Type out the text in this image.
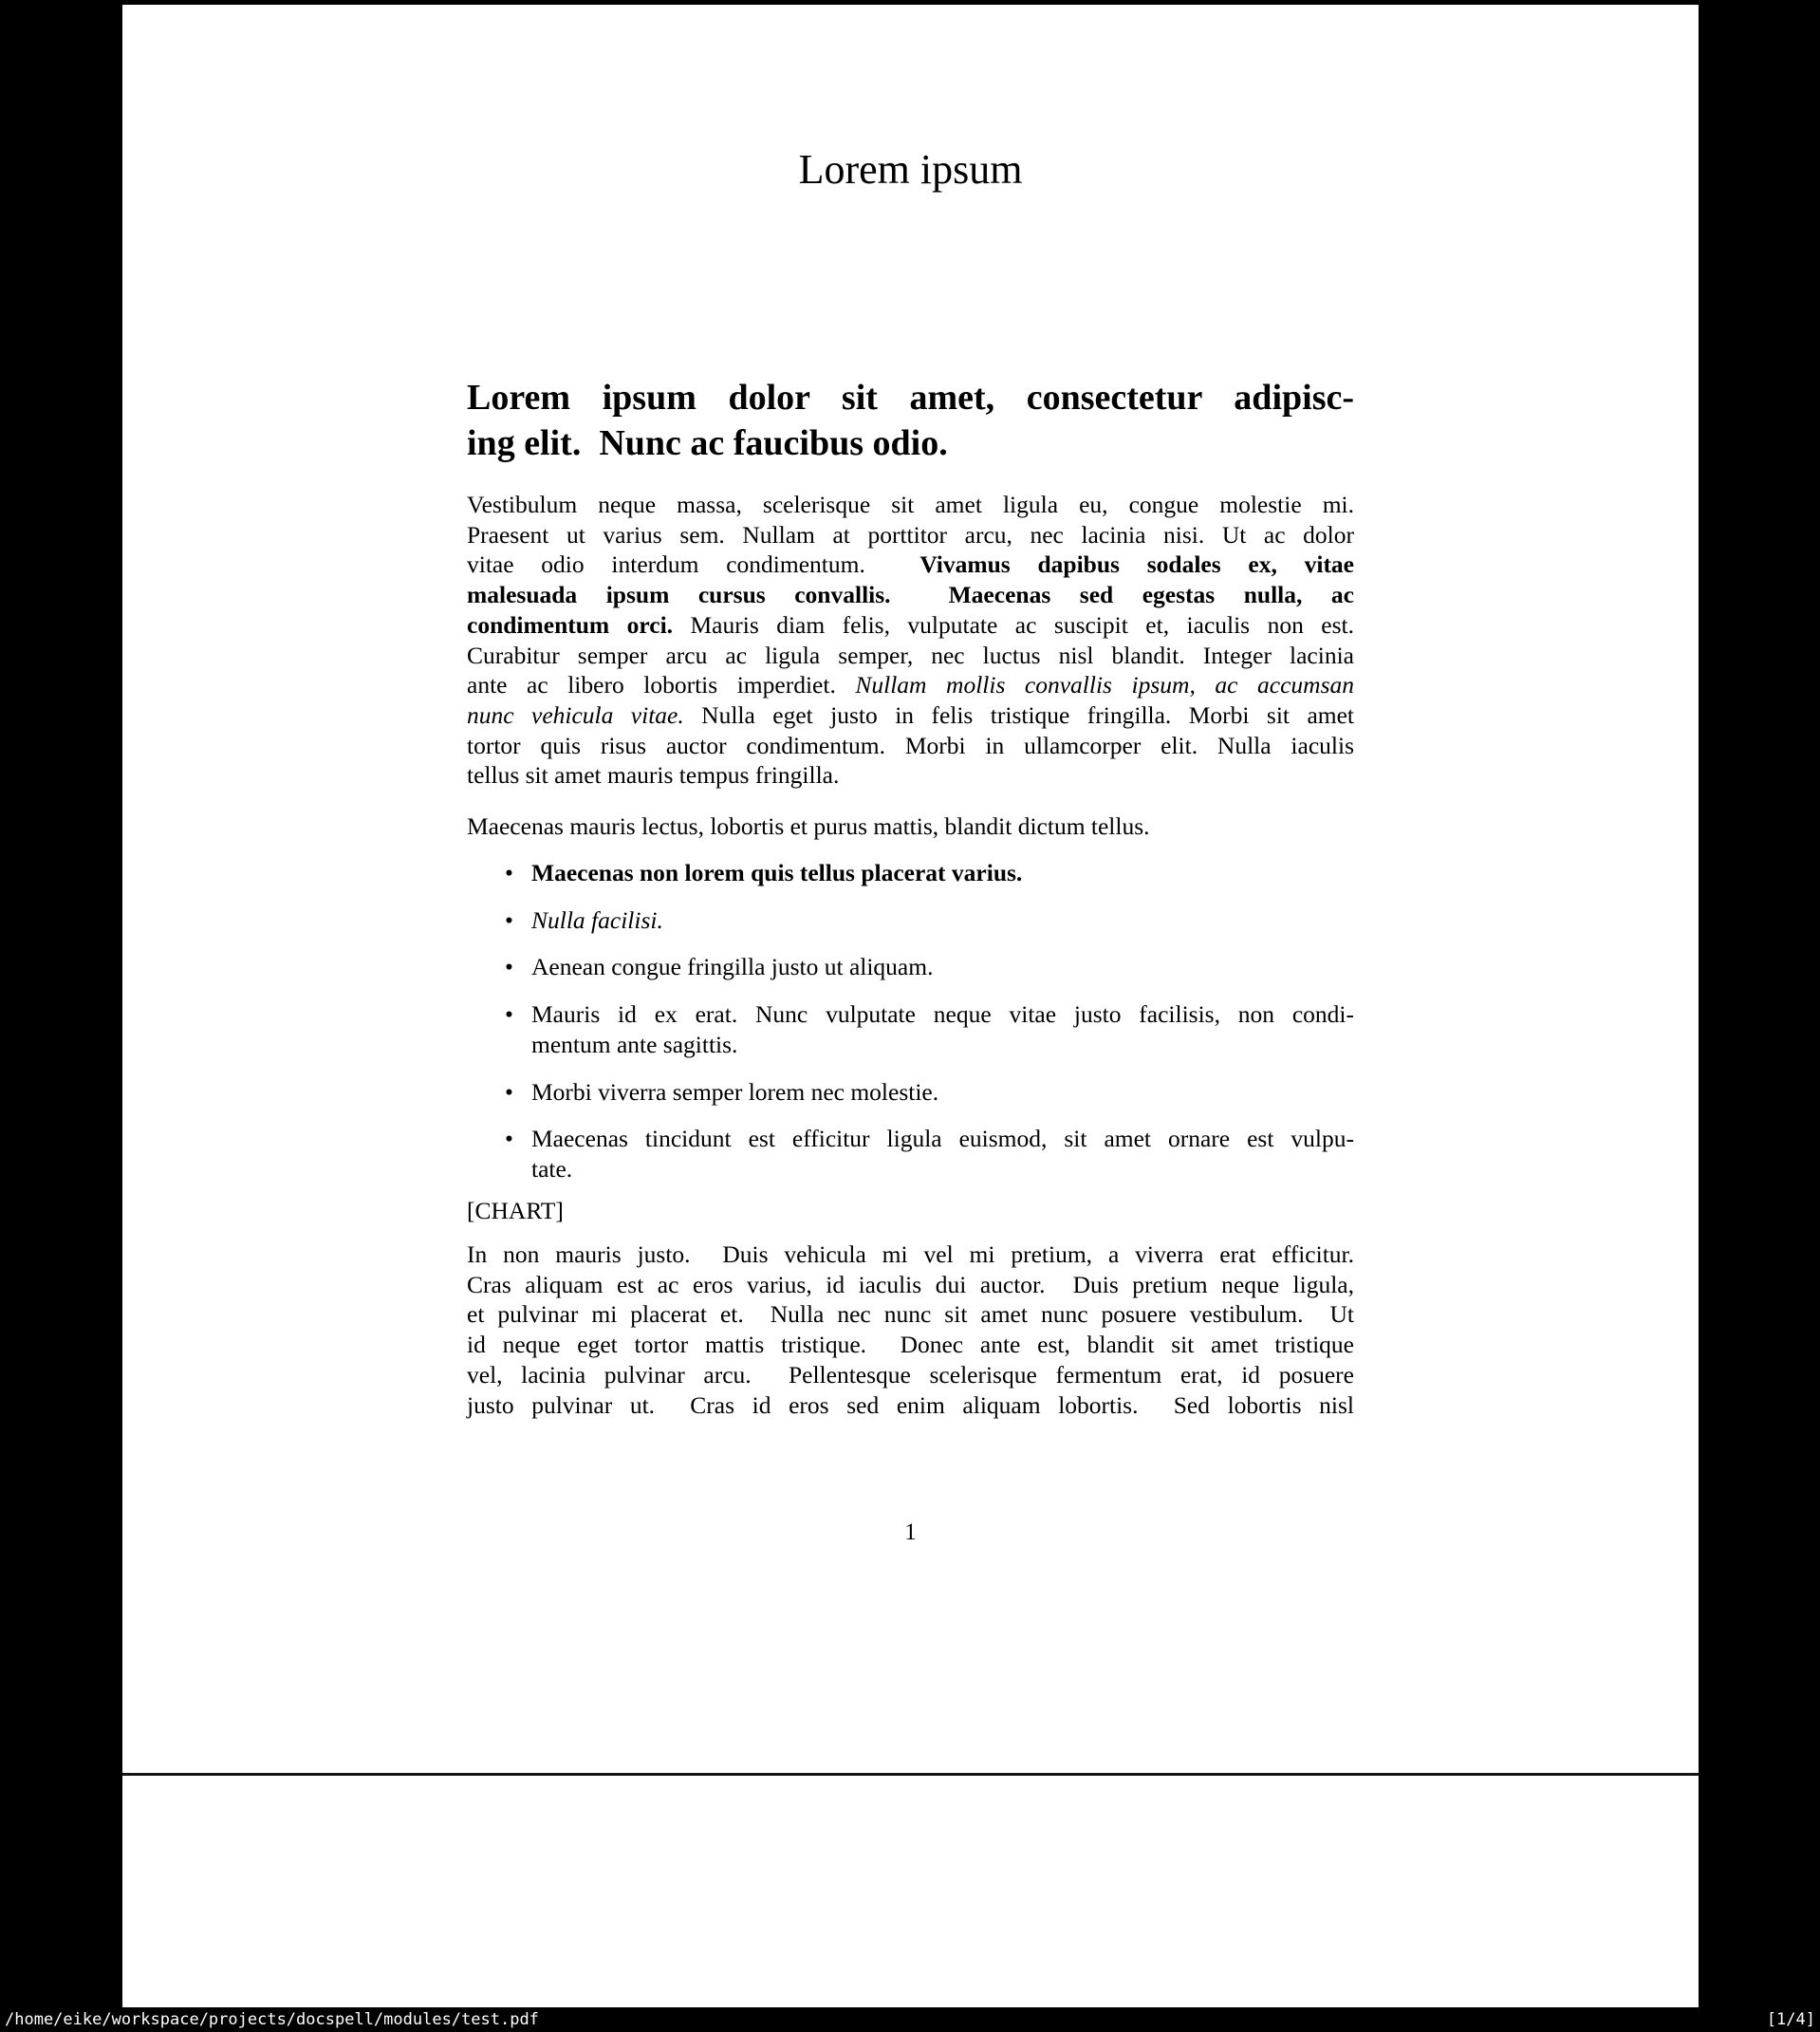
Lorem ipsum
Lorem ipsum dolor sit amet, consectetur adipisc-
ing elit.  Nunc ac faucibus odio.
Vestibulum neque massa, scelerisque sit amet ligula eu, congue molestie mi.
Praesent ut varius sem. Nullam at porttitor arcu, nec lacinia nisi. Ut ac dolor
vitae odio interdum condimentum.  Vivamus dapibus sodales ex, vitae
malesuada ipsum cursus convallis.  Maecenas sed egestas nulla, ac
condimentum orci. Mauris diam felis, vulputate ac suscipit et, iaculis non est.
Curabitur semper arcu ac ligula semper, nec luctus nisl blandit. Integer lacinia
ante ac libero lobortis imperdiet. Nullam mollis convallis ipsum, ac accumsan
nunc vehicula vitae. Nulla eget justo in felis tristique fringilla. Morbi sit amet
tortor quis risus auctor condimentum. Morbi in ullamcorper elit. Nulla iaculis
tellus sit amet mauris tempus fringilla.
Maecenas mauris lectus, lobortis et purus mattis, blandit dictum tellus.
• Maecenas non lorem quis tellus placerat varius.
• Nulla facilisi.
• Aenean congue fringilla justo ut aliquam.
• Mauris id ex erat. Nunc vulputate neque vitae justo facilisis, non condi-
mentum ante sagittis.
• Morbi viverra semper lorem nec molestie.
• Maecenas tincidunt est efficitur ligula euismod, sit amet ornare est vulpu-
tate.
[CHART]
In non mauris justo.  Duis vehicula mi vel mi pretium, a viverra erat efficitur.
Cras aliquam est ac eros varius, id iaculis dui auctor.  Duis pretium neque ligula,
et pulvinar mi placerat et.  Nulla nec nunc sit amet nunc posuere vestibulum.  Ut
id neque eget tortor mattis tristique.  Donec ante est, blandit sit amet tristique
vel, lacinia pulvinar arcu.  Pellentesque scelerisque fermentum erat, id posuere
justo pulvinar ut.  Cras id eros sed enim aliquam lobortis.  Sed lobortis nisl
1
/home/eike/workspace/projects/docspell/modules/test.pdf	[1/4]
